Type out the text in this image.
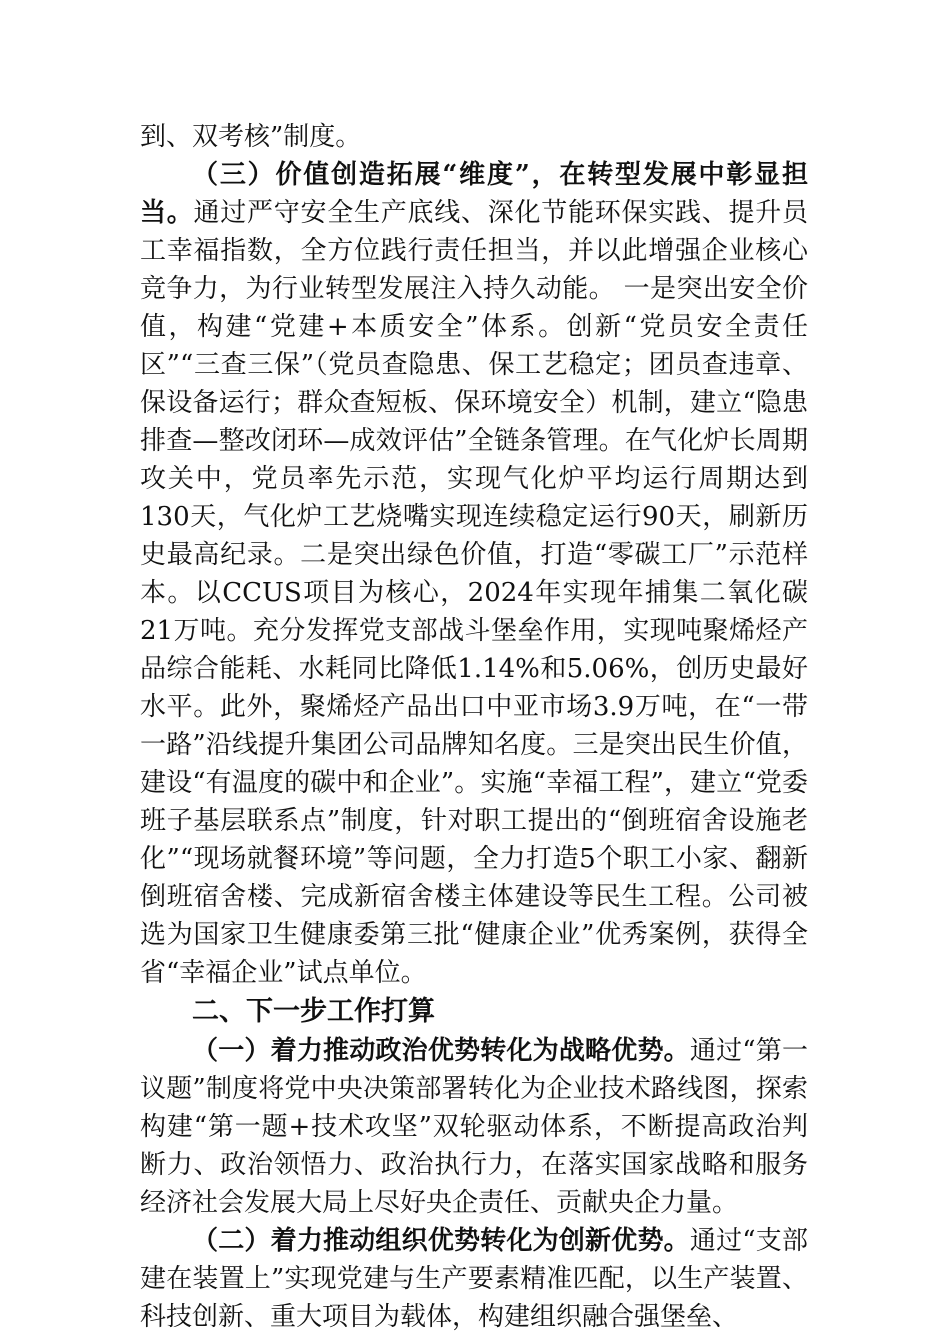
到、双考核”制度。

（三）价值创造拓展“维度”，在转型发展中彰显担当。通过严守安全生产底线、深化节能环保实践、提升员工幸福指数，全方位践行责任担当，并以此增强企业核心竞争力，为行业转型发展注入持久动能。 一是突出安全价值，构建“党建+本质安全”体系。创新“党员安全责任区”“三查三保”（党员查隐患、保工艺稳定；团员查违章、保设备运行；群众查短板、保环境安全）机制，建立“隐患排查—整改闭环—成效评估”全链条管理。在气化炉长周期攻关中，党员率先示范，实现气化炉平均运行周期达到130天，气化炉工艺烧嘴实现连续稳定运行90天，刷新历史最高纪录。二是突出绿色价值，打造“零碳工厂”示范样本。以CCUS项目为核心，2024年实现年捕集二氧化碳21万吨。充分发挥党支部战斗堡垒作用，实现吨聚烯烃产品综合能耗、水耗同比降低1.14%和5.06%，创历史最好水平。此外，聚烯烃产品出口中亚市场3.9万吨，在“一带一路”沿线提升集团公司品牌知名度。三是突出民生价值，建设“有温度的碳中和企业”。实施“幸福工程”，建立“党委班子基层联系点”制度，针对职工提出的“倒班宿舍设施老化”“现场就餐环境”等问题，全力打造5个职工小家、翻新倒班宿舍楼、完成新宿舍楼主体建设等民生工程。公司被选为国家卫生健康委第三批“健康企业”优秀案例，获得全省“幸福企业”试点单位。

二、下一步工作打算

（一）着力推动政治优势转化为战略优势。通过“第一议题”制度将党中央决策部署转化为企业技术路线图，探索构建“第一题+技术攻坚”双轮驱动体系，不断提高政治判断力、政治领悟力、政治执行力，在落实国家战略和服务经济社会发展大局上尽好央企责任、贡献央企力量。

（二）着力推动组织优势转化为创新优势。通过“支部建在装置上”实现党建与生产要素精准匹配，以生产装置、科技创新、重大项目为载体，构建组织融合强堡垒、
